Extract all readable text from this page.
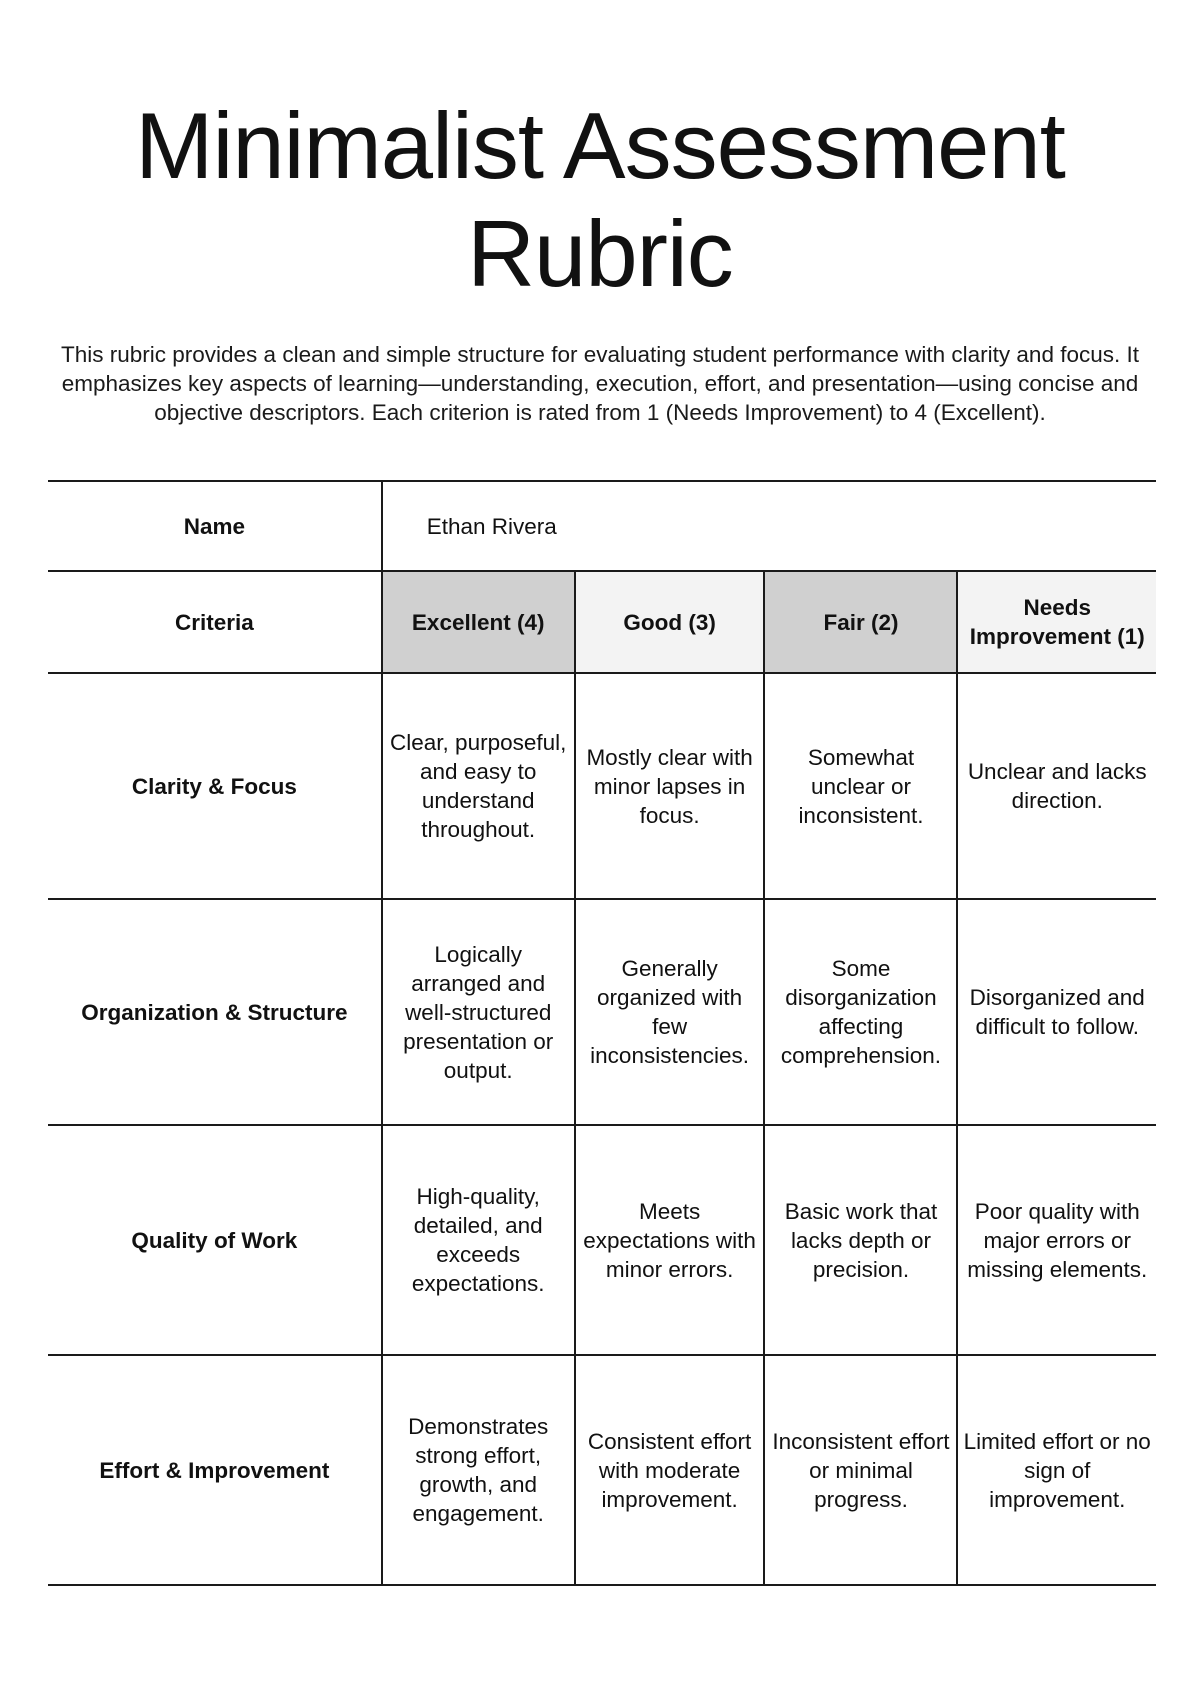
Minimalist Assessment
Rubric

This rubric provides a clean and simple structure for evaluating student performance with clarity and focus. It emphasizes key aspects of learning—understanding, execution, effort, and presentation—using concise and objective descriptors. Each criterion is rated from 1 (Needs Improvement) to 4 (Excellent).

Name	Ethan Rivera			
Criteria	Excellent (4)	Good (3)	Fair (2)	Needs Improvement (1)
Clarity & Focus	Clear, purposeful, and easy to understand throughout.	Mostly clear with minor lapses in focus.	Somewhat unclear or inconsistent.	Unclear and lacks direction.
Organization & Structure	Logically arranged and well-structured presentation or output.	Generally organized with few inconsistencies.	Some disorganization affecting comprehension.	Disorganized and difficult to follow.
Quality of Work	High-quality, detailed, and exceeds expectations.	Meets expectations with minor errors.	Basic work that lacks depth or precision.	Poor quality with major errors or missing elements.
Effort & Improvement	Demonstrates strong effort, growth, and engagement.	Consistent effort with moderate improvement.	Inconsistent effort or minimal progress.	Limited effort or no sign of improvement.
